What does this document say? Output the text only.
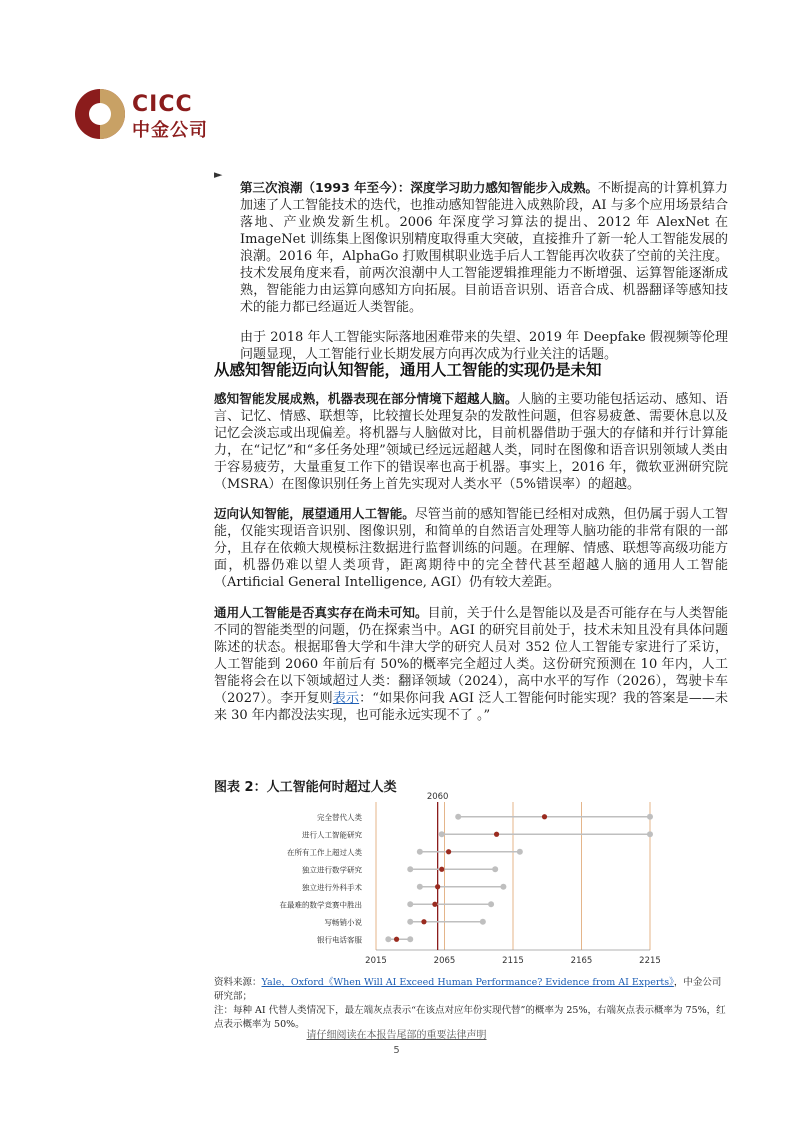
CICC
中金公司
►

第三次浪潮（1993 年至今）：深度学习助力感知智能步入成熟。不断提高的计算机算力加速了人工智能技术的迭代，也推动感知智能进入成熟阶段，AI 与多个应用场景结合落地、产业焕发新生机。2006 年深度学习算法的提出、2012 年 AlexNet 在 ImageNet 训练集上图像识别精度取得重大突破，直接推升了新一轮人工智能发展的浪潮。2016 年，AlphaGo 打败围棋职业选手后人工智能再次收获了空前的关注度。技术发展角度来看，前两次浪潮中人工智能逻辑推理能力不断增强、运算智能逐渐成熟，智能能力由运算向感知方向拓展。目前语音识别、语音合成、机器翻译等感知技术的能力都已经逼近人类智能。

由于 2018 年人工智能实际落地困难带来的失望、2019 年 Deepfake 假视频等伦理问题显现，人工智能行业长期发展方向再次成为行业关注的话题。

从感知智能迈向认知智能，通用人工智能的实现仍是未知

感知智能发展成熟，机器表现在部分情境下超越人脑。人脑的主要功能包括运动、感知、语言、记忆、情感、联想等，比较擅长处理复杂的发散性问题，但容易疲惫、需要休息以及记忆会淡忘或出现偏差。将机器与人脑做对比，目前机器借助于强大的存储和并行计算能力，在“记忆”和“多任务处理”领域已经远远超越人类，同时在图像和语音识别领域人类由于容易疲劳，大量重复工作下的错误率也高于机器。事实上，2016 年，微软亚洲研究院（MSRA）在图像识别任务上首先实现对人类水平（5%错误率）的超越。

迈向认知智能，展望通用人工智能。尽管当前的感知智能已经相对成熟，但仍属于弱人工智能，仅能实现语音识别、图像识别，和简单的自然语言处理等人脑功能的非常有限的一部分，且存在依赖大规模标注数据进行监督训练的问题。在理解、情感、联想等高级功能方面，机器仍难以望人类项背，距离期待中的完全替代甚至超越人脑的通用人工智能（Artificial General Intelligence, AGI）仍有较大差距。

通用人工智能是否真实存在尚未可知。目前，关于什么是智能以及是否可能存在与人类智能不同的智能类型的问题，仍在探索当中。AGI 的研究目前处于，技术未知且没有具体问题陈述的状态。根据耶鲁大学和牛津大学的研究人员对 352 位人工智能专家进行了采访，人工智能到 2060 年前后有 50%的概率完全超过人类。这份研究预测在 10 年内，人工智能将会在以下领域超过人类：翻译领域（2024），高中水平的写作（2026），驾驶卡车（2027）。李开复则表示：“如果你问我 AGI 泛人工智能何时能实现？我的答案是——未来 30 年内都没法实现，也可能永远实现不了 。”

图表 2：人工智能何时超过人类
2015	2065	2115	2165	2215
2060
完全替代人类
进行人工智能研究
在所有工作上超过人类
独立进行数学研究
独立进行外科手术
在最难的数学竞赛中胜出
写畅销小说
银行电话客服
资料来源：Yale，Oxford《When Will AI Exceed Human Performance? Evidence from AI Experts》，中金公司研究部；
注：每种 AI 代替人类情况下，最左端灰点表示“在该点对应年份实现代替”的概率为 25%，右端灰点表示概率为 75%，红点表示概率为 50%。
请仔细阅读在本报告尾部的重要法律声明
5
